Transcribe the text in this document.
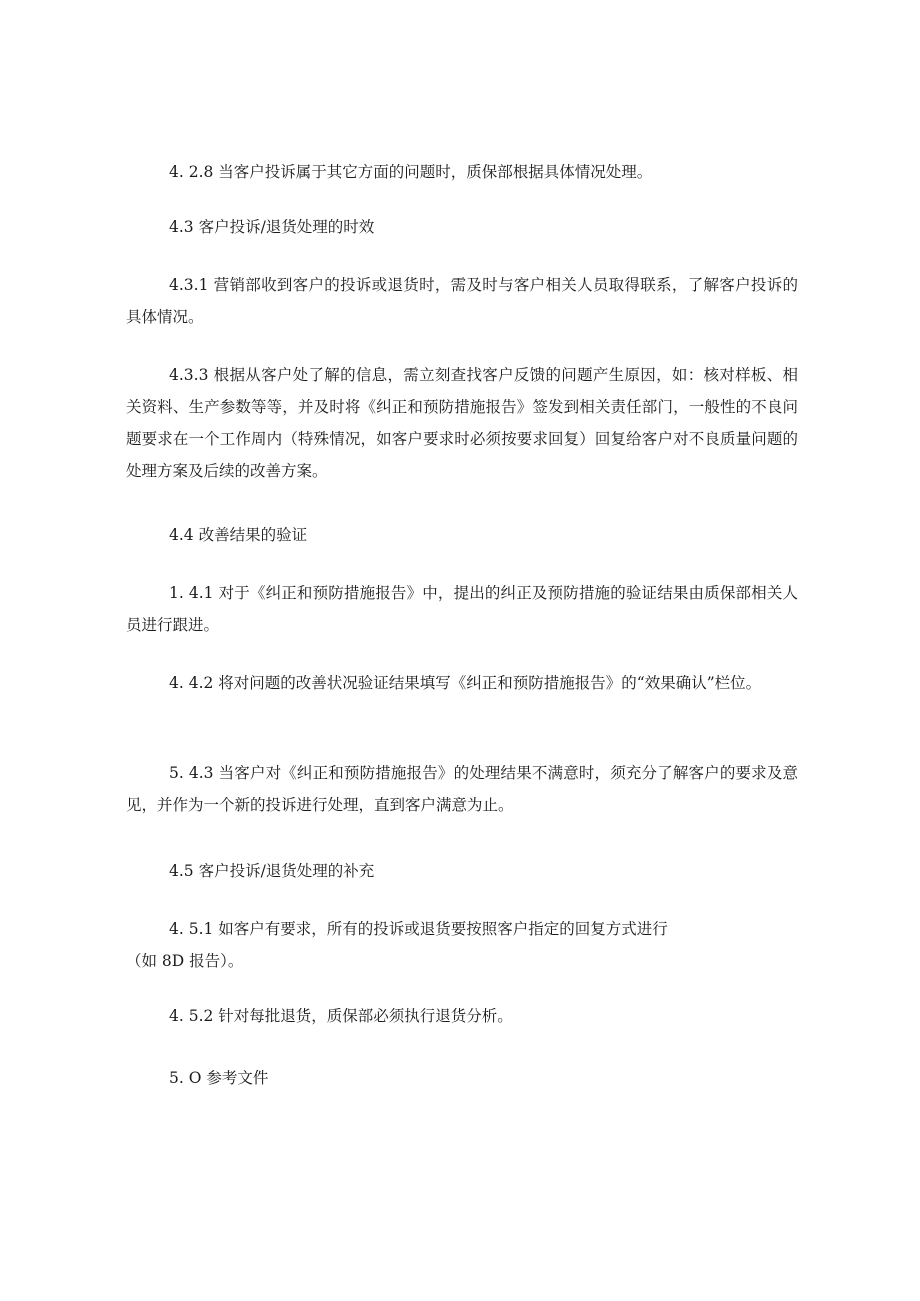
4. 2.8 当客户投诉属于其它方面的问题时，质保部根据具体情况处理。

4.3 客户投诉/退货处理的时效

4.3.1 营销部收到客户的投诉或退货时，需及时与客户相关人员取得联系，了解客户投诉的具体情况。

4.3.3 根据从客户处了解的信息，需立刻查找客户反馈的问题产生原因，如：核对样板、相关资料、生产参数等等，并及时将《纠正和预防措施报告》签发到相关责任部门，一般性的不良问题要求在一个工作周内（特殊情况，如客户要求时必须按要求回复）回复给客户对不良质量问题的处理方案及后续的改善方案。

4.4 改善结果的验证

1. 4.1 对于《纠正和预防措施报告》中，提出的纠正及预防措施的验证结果由质保部相关人员进行跟进。

4. 4.2 将对问题的改善状况验证结果填写《纠正和预防措施报告》的“效果确认”栏位。

5. 4.3 当客户对《纠正和预防措施报告》的处理结果不满意时，须充分了解客户的要求及意见，并作为一个新的投诉进行处理，直到客户满意为止。

4.5 客户投诉/退货处理的补充

4. 5.1 如客户有要求，所有的投诉或退货要按照客户指定的回复方式进行
（如 8D 报告）。

4. 5.2 针对每批退货，质保部必须执行退货分析。

5. O 参考文件
